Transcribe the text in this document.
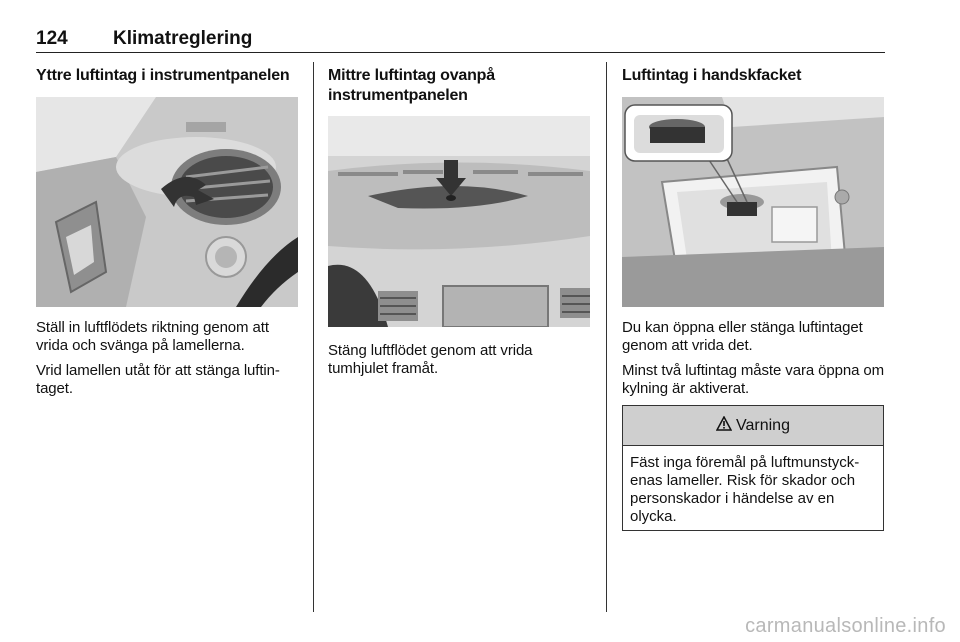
124 Klimatreglering
Yttre luftintag i instrumentpanelen

Ställ in luftflödets riktning genom att vrida och svänga på lamellerna.

Vrid lamellen utåt för att stänga luftin-taget.

Mittre luftintag ovanpå instrumentpanelen

Stäng luftflödet genom att vrida tumhjulet framåt.

Luftintag i handskfacket

Du kan öppna eller stänga luftintaget genom att vrida det.

Minst två luftintag måste vara öppna om kylning är aktiverat.

Varning
Fäst inga föremål på luftmunstyck-enas lameller. Risk för skador och personskador i händelse av en olycka.
carmanualsonline.info
